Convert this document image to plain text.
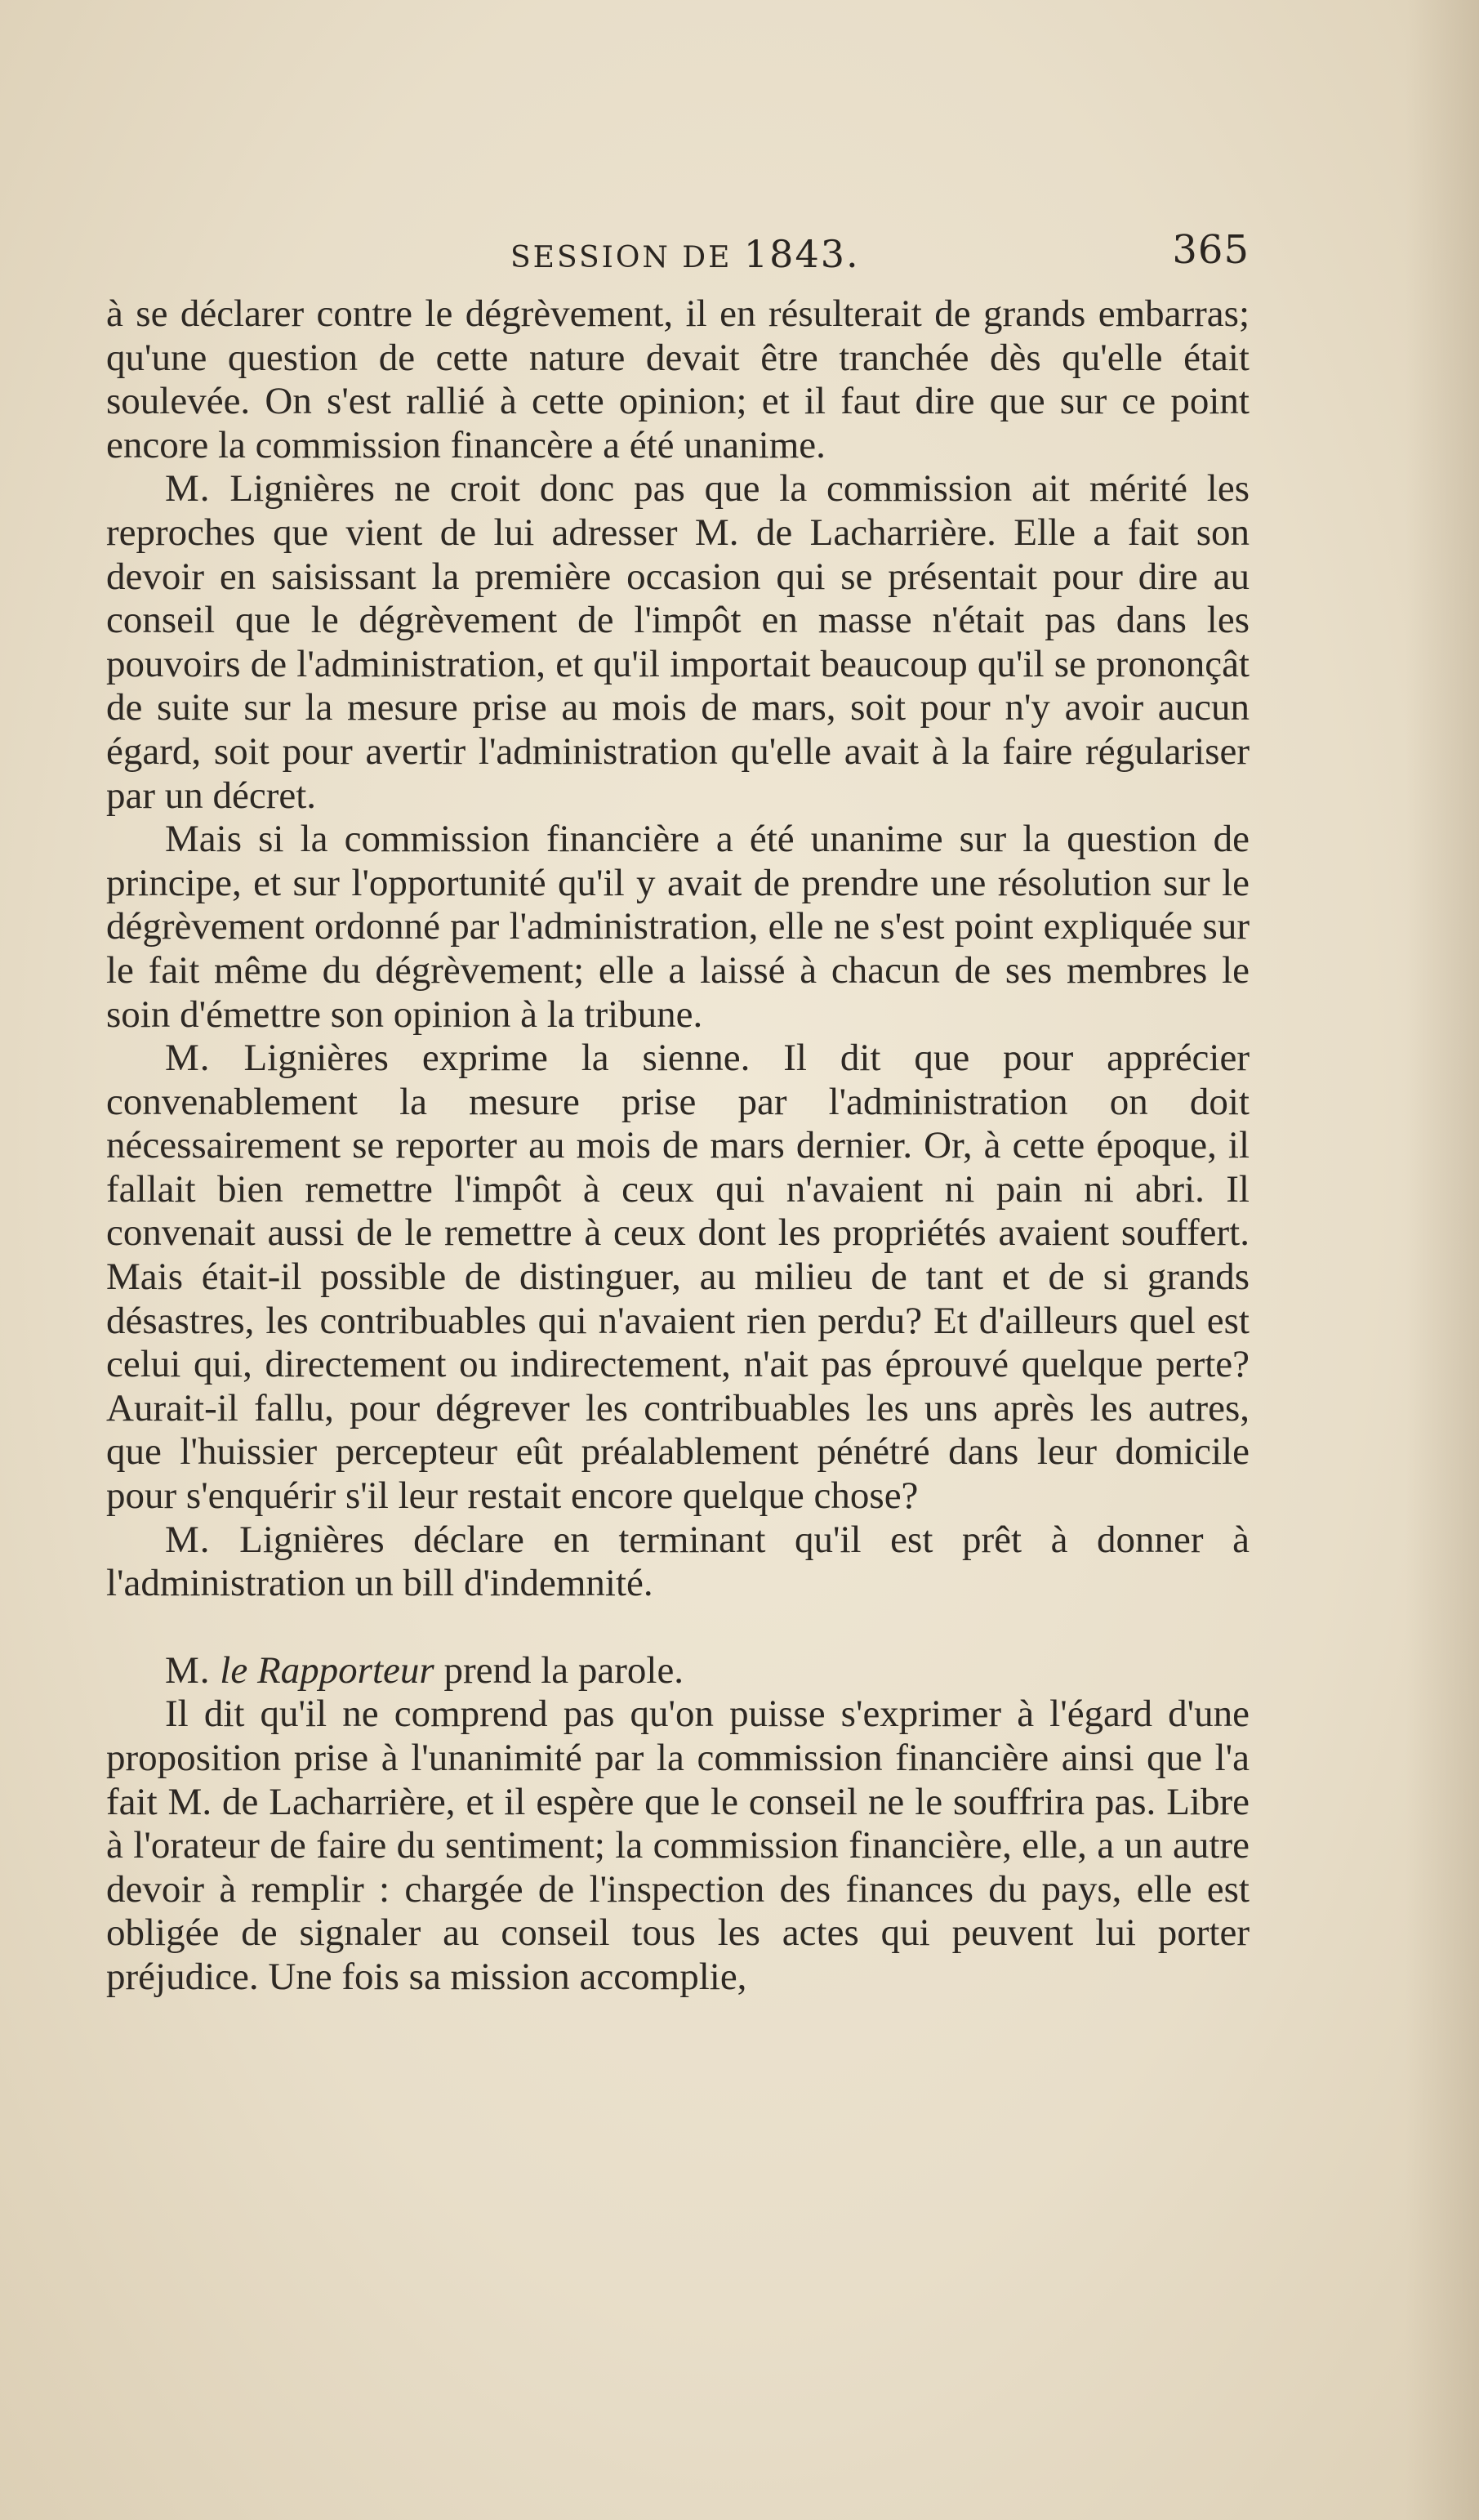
SESSION DE 1843.	365

à se déclarer contre le dégrèvement, il en résulterait de grands embarras; qu'une question de cette nature devait être tranchée dès qu'elle était soulevée. On s'est rallié à cette opinion; et il faut dire que sur ce point encore la commission financère a été unanime.

M. Lignières ne croit donc pas que la commission ait mérité les reproches que vient de lui adresser M. de Lacharrière. Elle a fait son devoir en saisissant la première occasion qui se présentait pour dire au conseil que le dégrèvement de l'impôt en masse n'était pas dans les pouvoirs de l'administration, et qu'il importait beaucoup qu'il se prononçât de suite sur la mesure prise au mois de mars, soit pour n'y avoir aucun égard, soit pour avertir l'administration qu'elle avait à la faire régulariser par un décret.

Mais si la commission financière a été unanime sur la question de principe, et sur l'opportunité qu'il y avait de prendre une résolution sur le dégrèvement ordonné par l'administration, elle ne s'est point expliquée sur le fait même du dégrèvement; elle a laissé à chacun de ses membres le soin d'émettre son opinion à la tribune.

M. Lignières exprime la sienne. Il dit que pour apprécier convenablement la mesure prise par l'administration on doit nécessairement se reporter au mois de mars dernier. Or, à cette époque, il fallait bien remettre l'impôt à ceux qui n'avaient ni pain ni abri. Il convenait aussi de le remettre à ceux dont les propriétés avaient souffert. Mais était-il possible de distinguer, au milieu de tant et de si grands désastres, les contribuables qui n'avaient rien perdu? Et d'ailleurs quel est celui qui, directement ou indirectement, n'ait pas éprouvé quelque perte? Aurait-il fallu, pour dégrever les contribuables les uns après les autres, que l'huissier percepteur eût préalablement pénétré dans leur domicile pour s'enquérir s'il leur restait encore quelque chose?

M. Lignières déclare en terminant qu'il est prêt à donner à l'administration un bill d'indemnité.

M. le Rapporteur prend la parole.

Il dit qu'il ne comprend pas qu'on puisse s'exprimer à l'égard d'une proposition prise à l'unanimité par la commission financière ainsi que l'a fait M. de Lacharrière, et il espère que le conseil ne le souffrira pas. Libre à l'orateur de faire du sentiment; la commission financière, elle, a un autre devoir à remplir : chargée de l'inspection des finances du pays, elle est obligée de signaler au conseil tous les actes qui peuvent lui porter préjudice. Une fois sa mission accomplie,
